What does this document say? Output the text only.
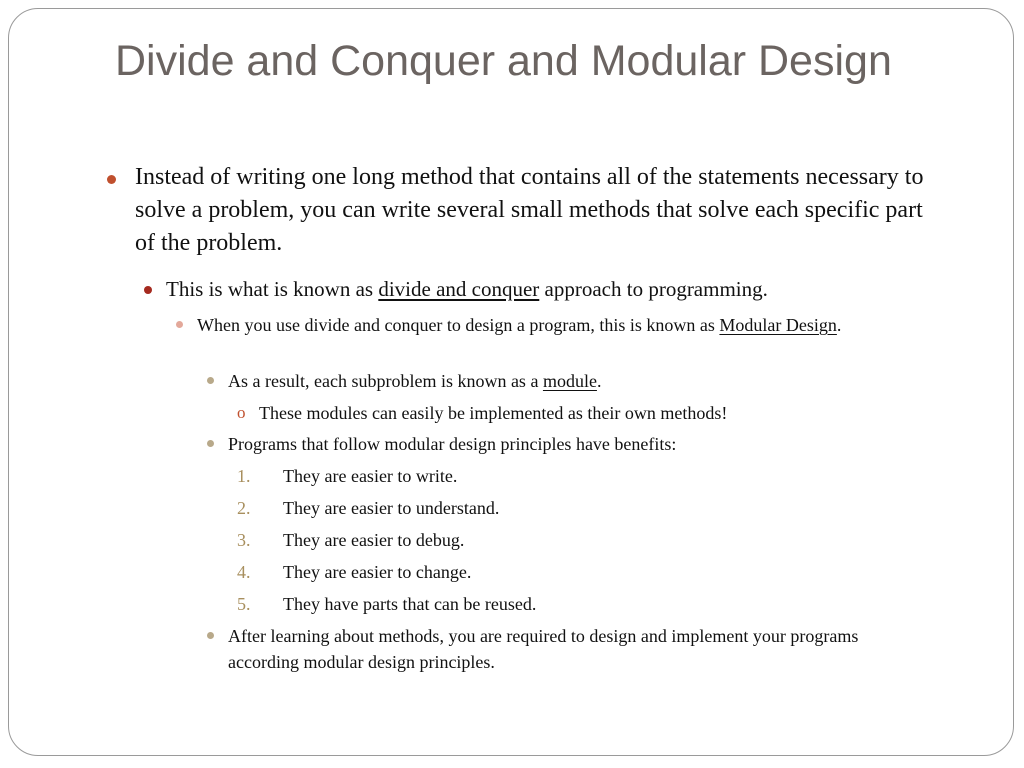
Divide and Conquer and Modular Design

Instead of writing one long method that contains all of the statements necessary to solve a problem, you can write several small methods that solve each specific part of the problem.

This is what is known as divide and conquer approach to programming.

When you use divide and conquer to design a program, this is known as Modular Design.

As a result, each subproblem is known as a module.

o These modules can easily be implemented as their own methods!

Programs that follow modular design principles have benefits:

1.	They are easier to write.

2.	They are easier to understand.

3.	They are easier to debug.

4.	They are easier to change.

5.	They have parts that can be reused.

After learning about methods, you are required to design and implement your programs according modular design principles.
